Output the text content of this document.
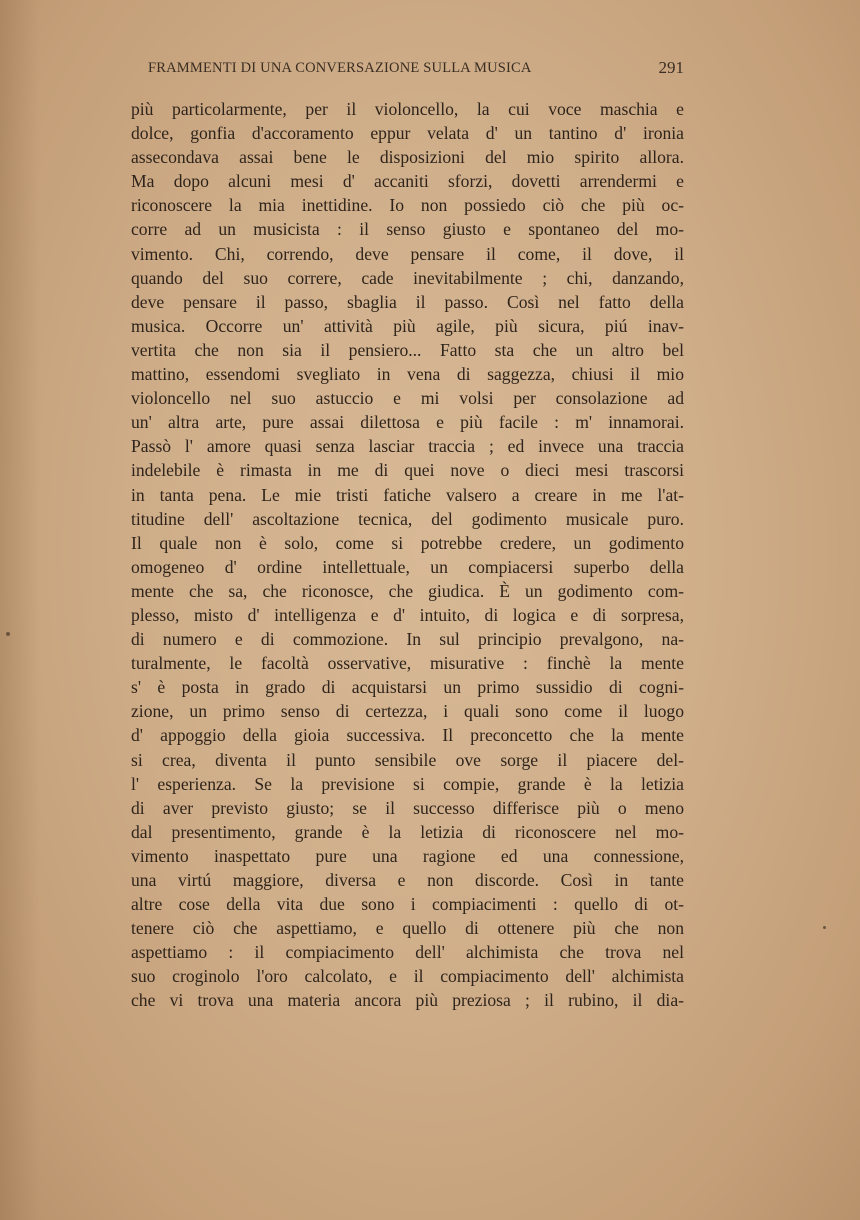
FRAMMENTI DI UNA CONVERSAZIONE SULLA MUSICA	291
più particolarmente, per il violoncello, la cui voce maschia e
dolce, gonfia d'accoramento eppur velata d' un tantino d' ironia
assecondava assai bene le disposizioni del mio spirito allora.
Ma dopo alcuni mesi d' accaniti sforzi, dovetti arrendermi e
riconoscere la mia inettidine. Io non possiedo ciò che più oc-
corre ad un musicista : il senso giusto e spontaneo del mo-
vimento. Chi, correndo, deve pensare il come, il dove, il
quando del suo correre, cade inevitabilmente ; chi, danzando,
deve pensare il passo, sbaglia il passo. Così nel fatto della
musica. Occorre un' attività più agile, più sicura, piú inav-
vertita che non sia il pensiero... Fatto sta che un altro bel
mattino, essendomi svegliato in vena di saggezza, chiusi il mio
violoncello nel suo astuccio e mi volsi per consolazione ad
un' altra arte, pure assai dilettosa e più facile : m' innamorai.
Passò l' amore quasi senza lasciar traccia ; ed invece una traccia
indelebile è rimasta in me di quei nove o dieci mesi trascorsi
in tanta pena. Le mie tristi fatiche valsero a creare in me l'at-
titudine dell' ascoltazione tecnica, del godimento musicale puro.
Il quale non è solo, come si potrebbe credere, un godimento
omogeneo d' ordine intellettuale, un compiacersi superbo della
mente che sa, che riconosce, che giudica. È un godimento com-
plesso, misto d' intelligenza e d' intuito, di logica e di sorpresa,
di numero e di commozione. In sul principio prevalgono, na-
turalmente, le facoltà osservative, misurative : finchè la mente
s' è posta in grado di acquistarsi un primo sussidio di cogni-
zione, un primo senso di certezza, i quali sono come il luogo
d' appoggio della gioia successiva. Il preconcetto che la mente
si crea, diventa il punto sensibile ove sorge il piacere del-
l' esperienza. Se la previsione si compie, grande è la letizia
di aver previsto giusto; se il successo differisce più o meno
dal presentimento, grande è la letizia di riconoscere nel mo-
vimento inaspettato pure una ragione ed una connessione,
una virtú maggiore, diversa e non discorde. Così in tante
altre cose della vita due sono i compiacimenti : quello di ot-
tenere ciò che aspettiamo, e quello di ottenere più che non
aspettiamo : il compiacimento dell' alchimista che trova nel
suo croginolo l'oro calcolato, e il compiacimento dell' alchimista
che vi trova una materia ancora più preziosa ; il rubino, il dia-
